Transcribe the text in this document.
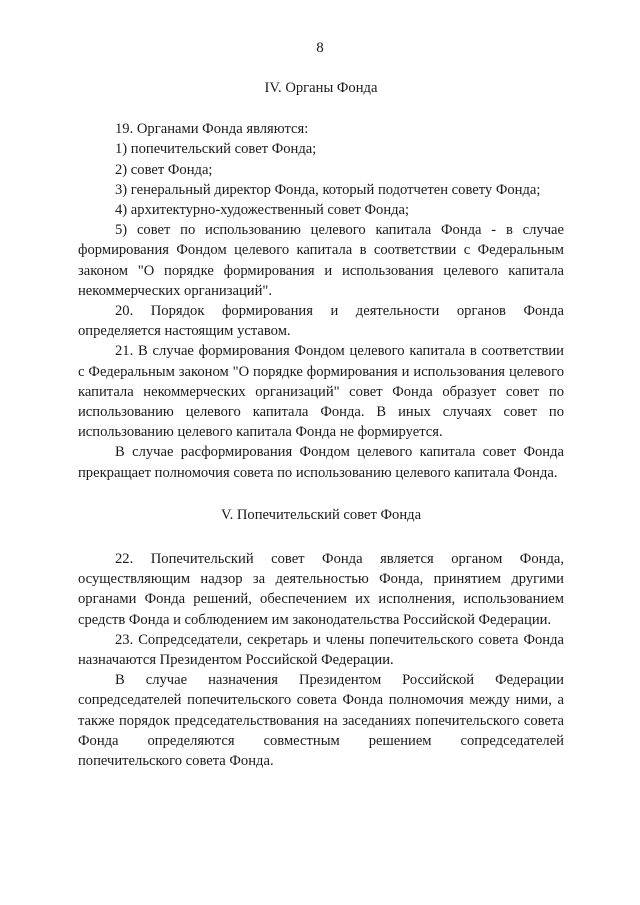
8

IV. Органы Фонда

19. Органами Фонда являются:

1) попечительский совет Фонда;

2) совет Фонда;

3) генеральный директор Фонда, который подотчетен совету Фонда;

4) архитектурно-художественный совет Фонда;

5) совет по использованию целевого капитала Фонда - в случае формирования Фондом целевого капитала в соответствии с Федеральным законом "О порядке формирования и использования целевого капитала некоммерческих организаций".

20. Порядок формирования и деятельности органов Фонда определяется настоящим уставом.

21. В случае формирования Фондом целевого капитала в соответствии с Федеральным законом "О порядке формирования и использования целевого капитала некоммерческих организаций" совет Фонда образует совет по использованию целевого капитала Фонда. В иных случаях совет по использованию целевого капитала Фонда не формируется.

В случае расформирования Фондом целевого капитала совет Фонда прекращает полномочия совета по использованию целевого капитала Фонда.

V. Попечительский совет Фонда

22. Попечительский совет Фонда является органом Фонда, осуществляющим надзор за деятельностью Фонда, принятием другими органами Фонда решений, обеспечением их исполнения, использованием средств Фонда и соблюдением им законодательства Российской Федерации.

23. Сопредседатели, секретарь и члены попечительского совета Фонда назначаются Президентом Российской Федерации.

В случае назначения Президентом Российской Федерации сопредседателей попечительского совета Фонда полномочия между ними, а также порядок председательствования на заседаниях попечительского совета Фонда определяются совместным решением сопредседателей попечительского совета Фонда.
